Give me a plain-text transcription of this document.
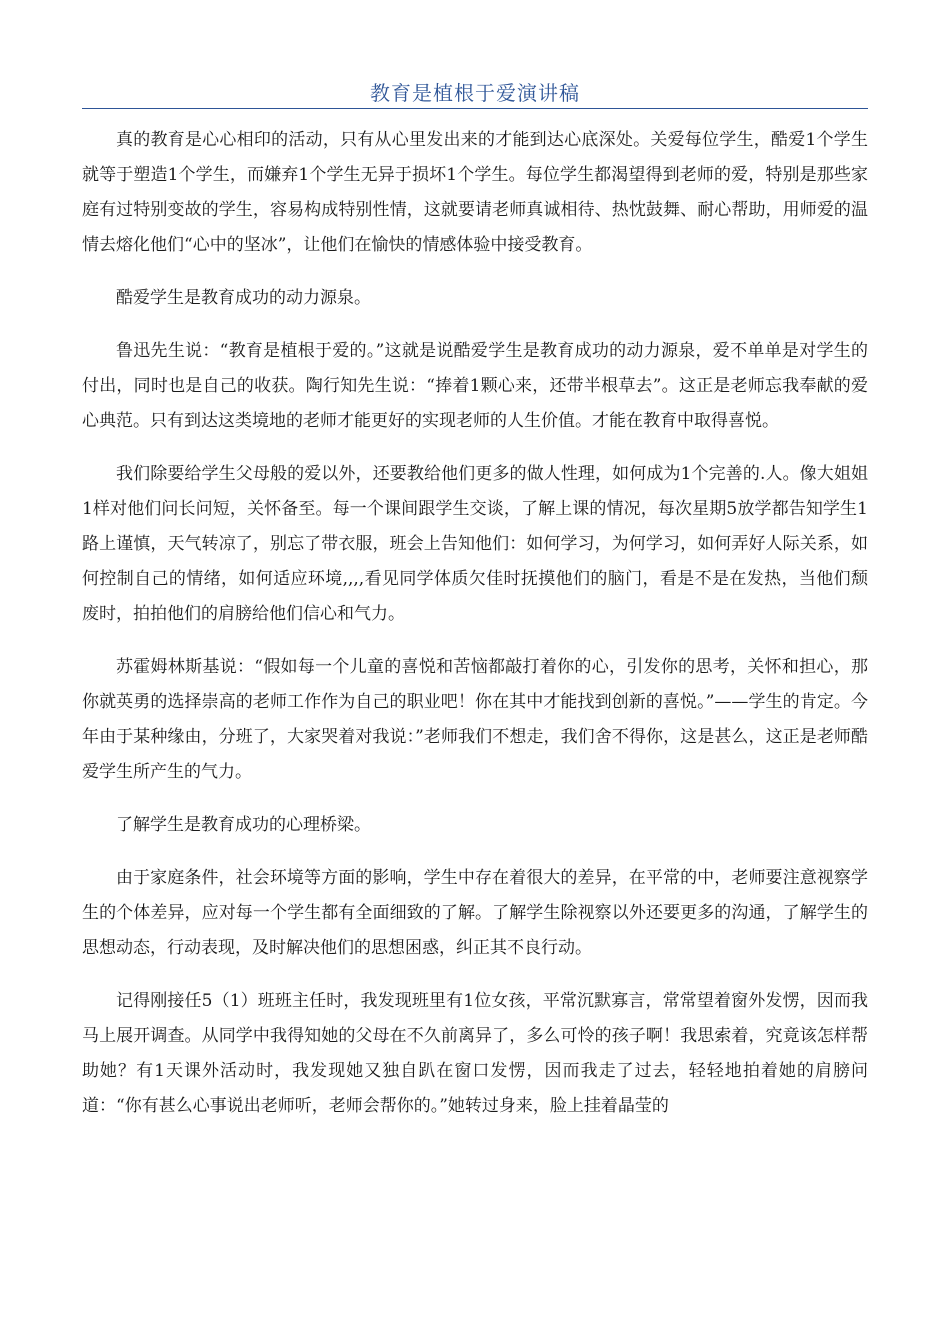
教育是植根于爱演讲稿

真的教育是心心相印的活动，只有从心里发出来的才能到达心底深处。关爱每位学生，酷爱1个学生就等于塑造1个学生，而嫌弃1个学生无异于损坏1个学生。每位学生都渴望得到老师的爱，特别是那些家庭有过特别变故的学生，容易构成特别性情，这就要请老师真诚相待、热忱鼓舞、耐心帮助，用师爱的温情去熔化他们“心中的坚冰”，让他们在愉快的情感体验中接受教育。

酷爱学生是教育成功的动力源泉。

鲁迅先生说：“教育是植根于爱的。”这就是说酷爱学生是教育成功的动力源泉，爱不单单是对学生的付出，同时也是自己的收获。陶行知先生说：“捧着1颗心来，还带半根草去”。这正是老师忘我奉献的爱心典范。只有到达这类境地的老师才能更好的实现老师的人生价值。才能在教育中取得喜悦。

我们除要给学生父母般的爱以外，还要教给他们更多的做人性理，如何成为1个完善的.人。像大姐姐1样对他们问长问短，关怀备至。每一个课间跟学生交谈，了解上课的情况，每次星期5放学都告知学生1路上谨慎，天气转凉了，别忘了带衣服，班会上告知他们：如何学习，为何学习，如何弄好人际关系，如何控制自己的情绪，如何适应环境,,,,看见同学体质欠佳时抚摸他们的脑门，看是不是在发热，当他们颓废时，拍拍他们的肩膀给他们信心和气力。

苏霍姆林斯基说：“假如每一个儿童的喜悦和苦恼都敲打着你的心，引发你的思考，关怀和担心，那你就英勇的选择崇高的老师工作作为自己的职业吧！你在其中才能找到创新的喜悦。”——学生的肯定。今年由于某种缘由，分班了，大家哭着对我说：”老师我们不想走，我们舍不得你，这是甚么，这正是老师酷爱学生所产生的气力。

了解学生是教育成功的心理桥梁。

由于家庭条件，社会环境等方面的影响，学生中存在着很大的差异，在平常的中，老师要注意视察学生的个体差异，应对每一个学生都有全面细致的了解。了解学生除视察以外还要更多的沟通，了解学生的思想动态，行动表现，及时解决他们的思想困惑，纠正其不良行动。

记得刚接任5（1）班班主任时，我发现班里有1位女孩，平常沉默寡言，常常望着窗外发愣，因而我马上展开调查。从同学中我得知她的父母在不久前离异了，多么可怜的孩子啊！我思索着，究竟该怎样帮助她？有1天课外活动时，我发现她又独自趴在窗口发愣，因而我走了过去，轻轻地拍着她的肩膀问道：“你有甚么心事说出老师听，老师会帮你的。”她转过身来，脸上挂着晶莹的
